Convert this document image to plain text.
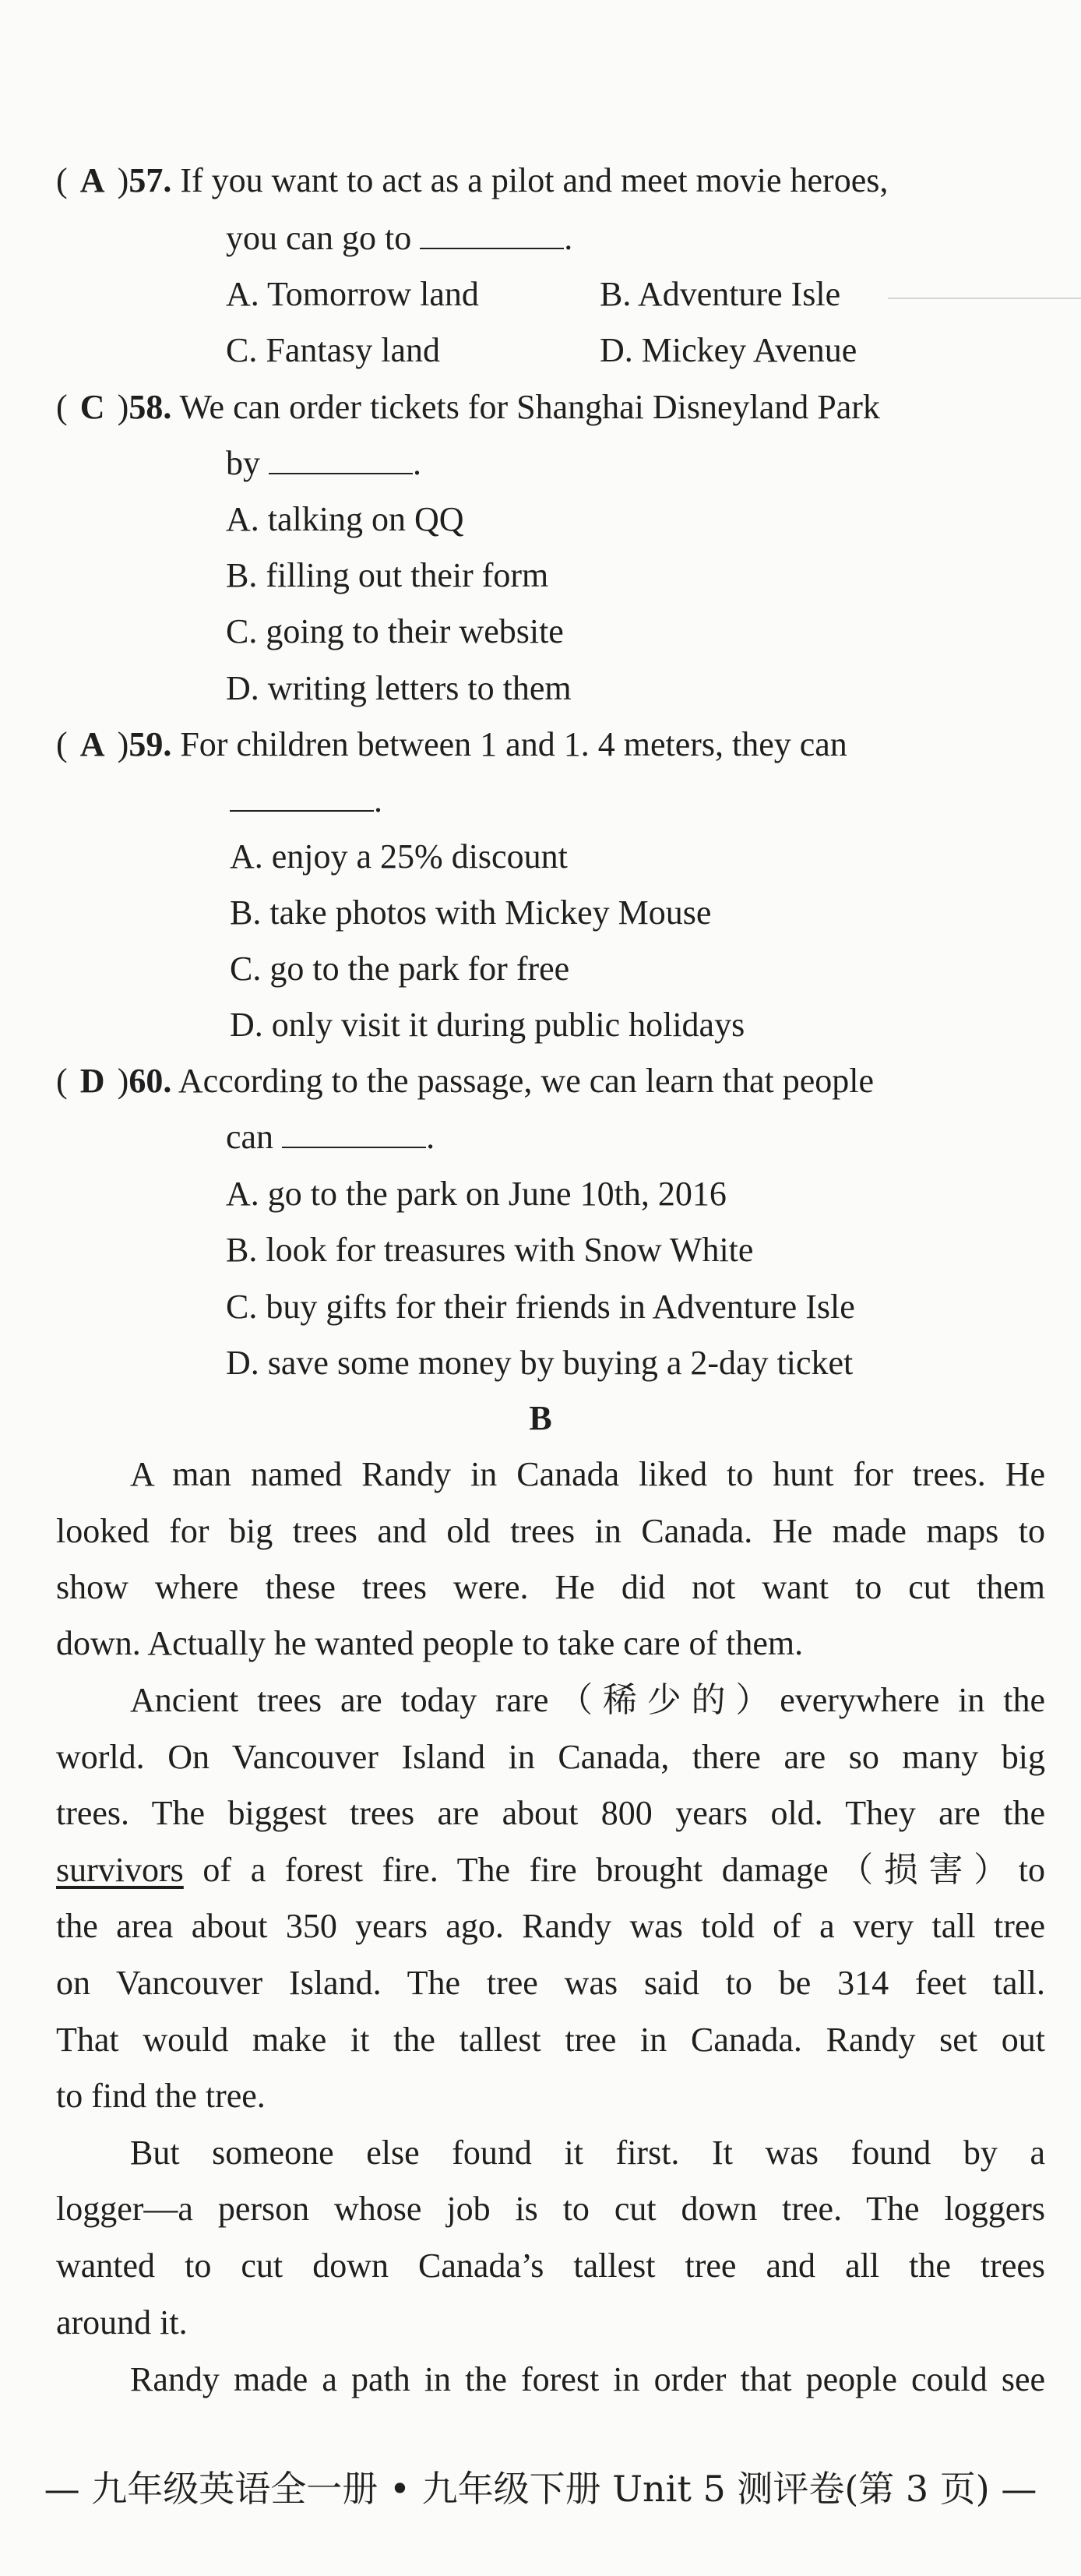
( A )57. If you want to act as a pilot and meet movie heroes,
you can go to	.
A. Tomorrow land	B. Adventure Isle
C. Fantasy land	D. Mickey Avenue
( C )58. We can order tickets for Shanghai Disneyland Park
by	.
A. talking on QQ
B. filling out their form
C. going to their website
D. writing letters to them
( A )59. For children between 1 and 1. 4 meters, they can
.
A. enjoy a 25% discount
B. take photos with Mickey Mouse
C. go to the park for free
D. only visit it during public holidays
( D )60. According to the passage, we can learn that people
can	.
A. go to the park on June 10th, 2016
B. look for treasures with Snow White
C. buy gifts for their friends in Adventure Isle
D. save some money by buying a 2-day ticket
B
A man named Randy in Canada liked to hunt for trees. He
looked for big trees and old trees in Canada. He made maps to
show where these trees were. He did not want to cut them
down. Actually he wanted people to take care of them.
Ancient trees are today rare（稀少的）everywhere in the
world. On Vancouver Island in Canada, there are so many big
trees. The biggest trees are about 800 years old. They are the
survivors of a forest fire. The fire brought damage（损害）to
the area about 350 years ago. Randy was told of a very tall tree
on Vancouver Island. The tree was said to be 314 feet tall.
That would make it the tallest tree in Canada. Randy set out
to find the tree.
But someone else found it first. It was found by a
logger—a person whose job is to cut down tree. The loggers
wanted to cut down Canada’s tallest tree and all the trees
around it.
Randy made a path in the forest in order that people could see
— 九年级英语全一册 • 九年级下册 Unit 5 测评卷(第 3 页) —
